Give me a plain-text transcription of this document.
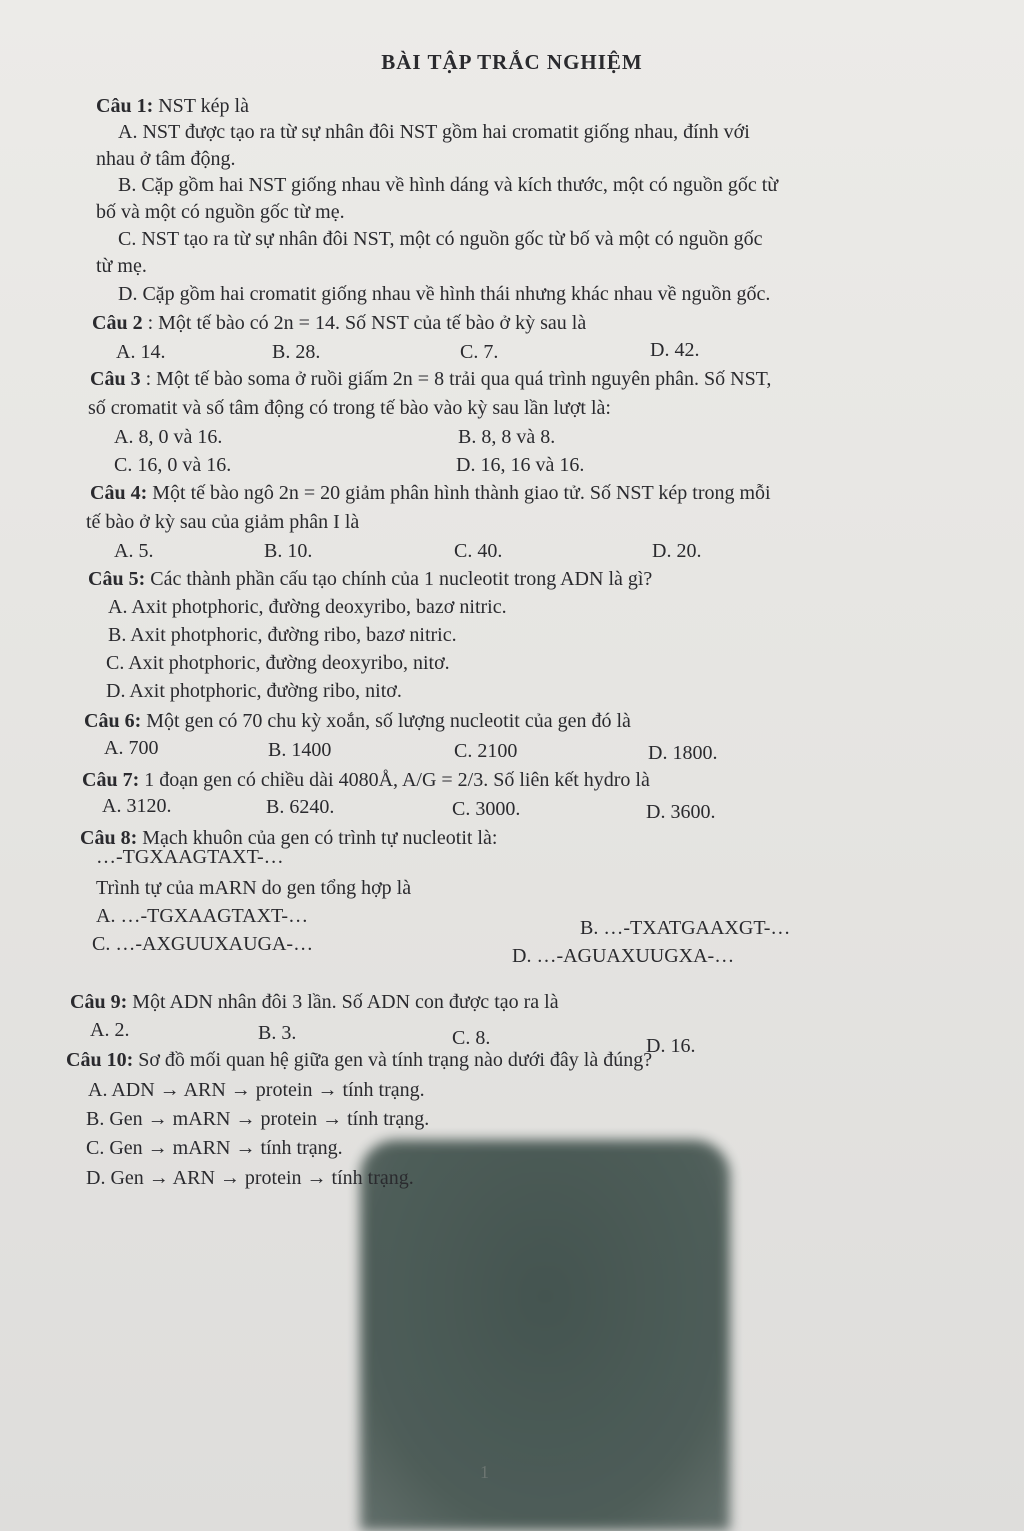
BÀI TẬP TRẮC NGHIỆM
Câu 1: NST kép là
A. NST được tạo ra từ sự nhân đôi NST gồm hai cromatit giống nhau, đính với
nhau ở tâm động.
B. Cặp gồm hai NST giống nhau về hình dáng và kích thước, một có nguồn gốc từ
bố và một có nguồn gốc từ mẹ.
C. NST tạo ra từ sự nhân đôi NST, một có nguồn gốc từ bố và một có nguồn gốc
từ mẹ.
D. Cặp gồm hai cromatit giống nhau về hình thái nhưng khác nhau về nguồn gốc.
Câu 2 : Một tế bào có 2n = 14. Số NST của tế bào ở kỳ sau là
A. 14.	B. 28.	C. 7.	D. 42.
Câu 3 : Một tế bào soma ở ruồi giấm 2n = 8 trải qua quá trình nguyên phân. Số NST,
số cromatit và số tâm động có trong tế bào vào kỳ sau lần lượt là:
A. 8, 0 và 16.	B. 8, 8 và 8.
C. 16, 0 và 16.	D. 16, 16 và 16.
Câu 4: Một tế bào ngô 2n = 20 giảm phân hình thành giao tử. Số NST kép trong mỗi
tế bào ở kỳ sau của giảm phân I là
A. 5.	B. 10.	C. 40.	D. 20.
Câu 5: Các thành phần cấu tạo chính của 1 nucleotit trong ADN là gì?
A. Axit photphoric, đường deoxyribo, bazơ nitric.
B. Axit photphoric, đường ribo, bazơ nitric.
C. Axit photphoric, đường deoxyribo, nitơ.
D. Axit photphoric, đường ribo, nitơ.
Câu 6: Một gen có 70 chu kỳ xoắn, số lượng nucleotit của gen đó là
A. 700	B. 1400	C. 2100	D. 1800.
Câu 7: 1 đoạn gen có chiều dài 4080Å, A/G = 2/3. Số liên kết hydro là
A. 3120.	B. 6240.	C. 3000.	D. 3600.
Câu 8: Mạch khuôn của gen có trình tự nucleotit là:
…-TGXAAGTAXT-…
Trình tự của mARN do gen tổng hợp là
A. …-TGXAAGTAXT-…
B. …-TXATGAAXGT-…
C. …-AXGUUXAUGA-…
D. …-AGUAXUUGXA-…
Câu 9: Một ADN nhân đôi 3 lần. Số ADN con được tạo ra là
A. 2.	B. 3.	C. 8.	D. 16.
Câu 10: Sơ đồ mối quan hệ giữa gen và tính trạng nào dưới đây là đúng?
A. ADN → ARN → protein → tính trạng.
B. Gen → mARN → protein → tính trạng.
C. Gen → mARN → tính trạng.
D. Gen → ARN → protein → tính trạng.
1
